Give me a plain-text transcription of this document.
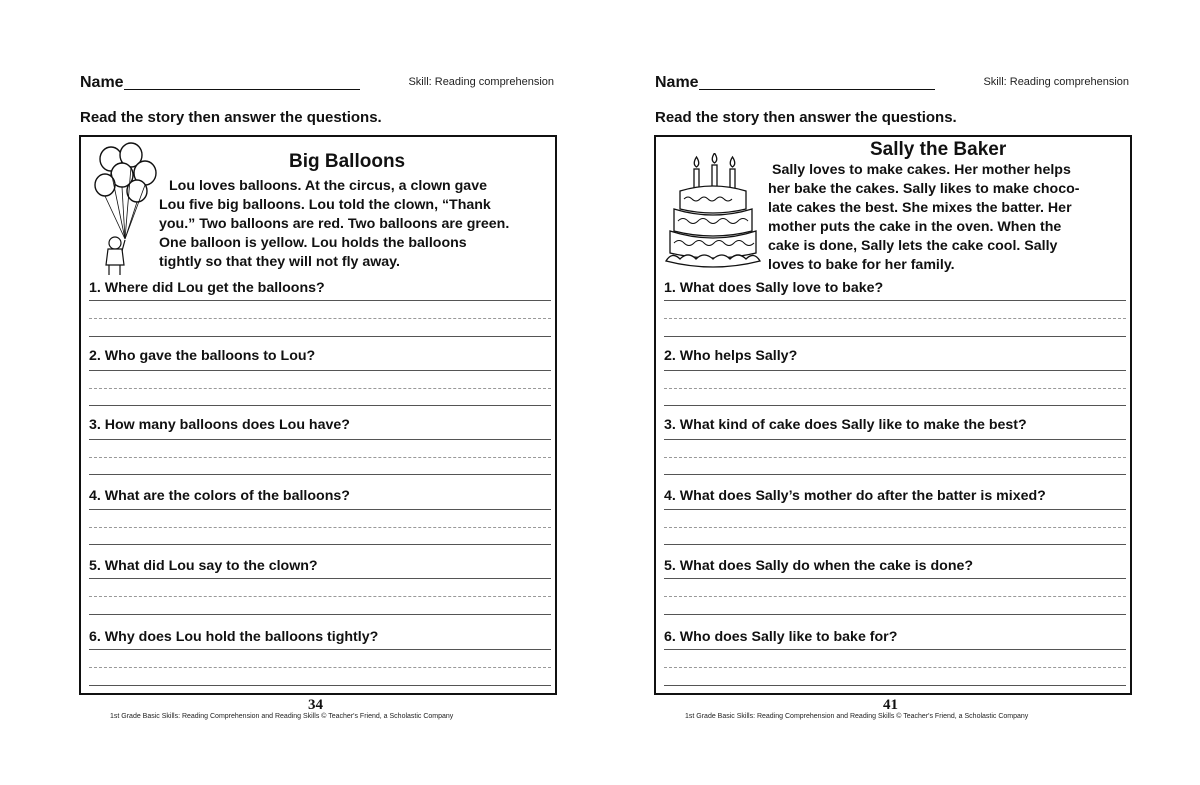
Name	Skill: Reading comprehension
Read the story then answer the questions.
Big Balloons
Lou loves balloons. At the circus, a clown gave
Lou five big balloons. Lou told the clown, “Thank
you.” Two balloons are red. Two balloons are green.
One balloon is yellow. Lou holds the balloons
tightly so that they will not fly away.
1. Where did Lou get the balloons?
2. Who gave the balloons to Lou?
3. How many balloons does Lou have?
4. What are the colors of the balloons?
5. What did Lou say to the clown?
6. Why does Lou hold the balloons tightly?
34
1st Grade Basic Skills: Reading Comprehension and Reading Skills © Teacher's Friend, a Scholastic Company
Name	Skill: Reading comprehension
Read the story then answer the questions.
Sally the Baker
Sally loves to make cakes. Her mother helps
her bake the cakes. Sally likes to make choco-
late cakes the best. She mixes the batter. Her
mother puts the cake in the oven. When the
cake is done, Sally lets the cake cool. Sally
loves to bake for her family.
1. What does Sally love to bake?
2. Who helps Sally?
3. What kind of cake does Sally like to make the best?
4. What does Sally’s mother do after the batter is mixed?
5. What does Sally do when the cake is done?
6. Who does Sally like to bake for?
41
1st Grade Basic Skills: Reading Comprehension and Reading Skills © Teacher's Friend, a Scholastic Company
